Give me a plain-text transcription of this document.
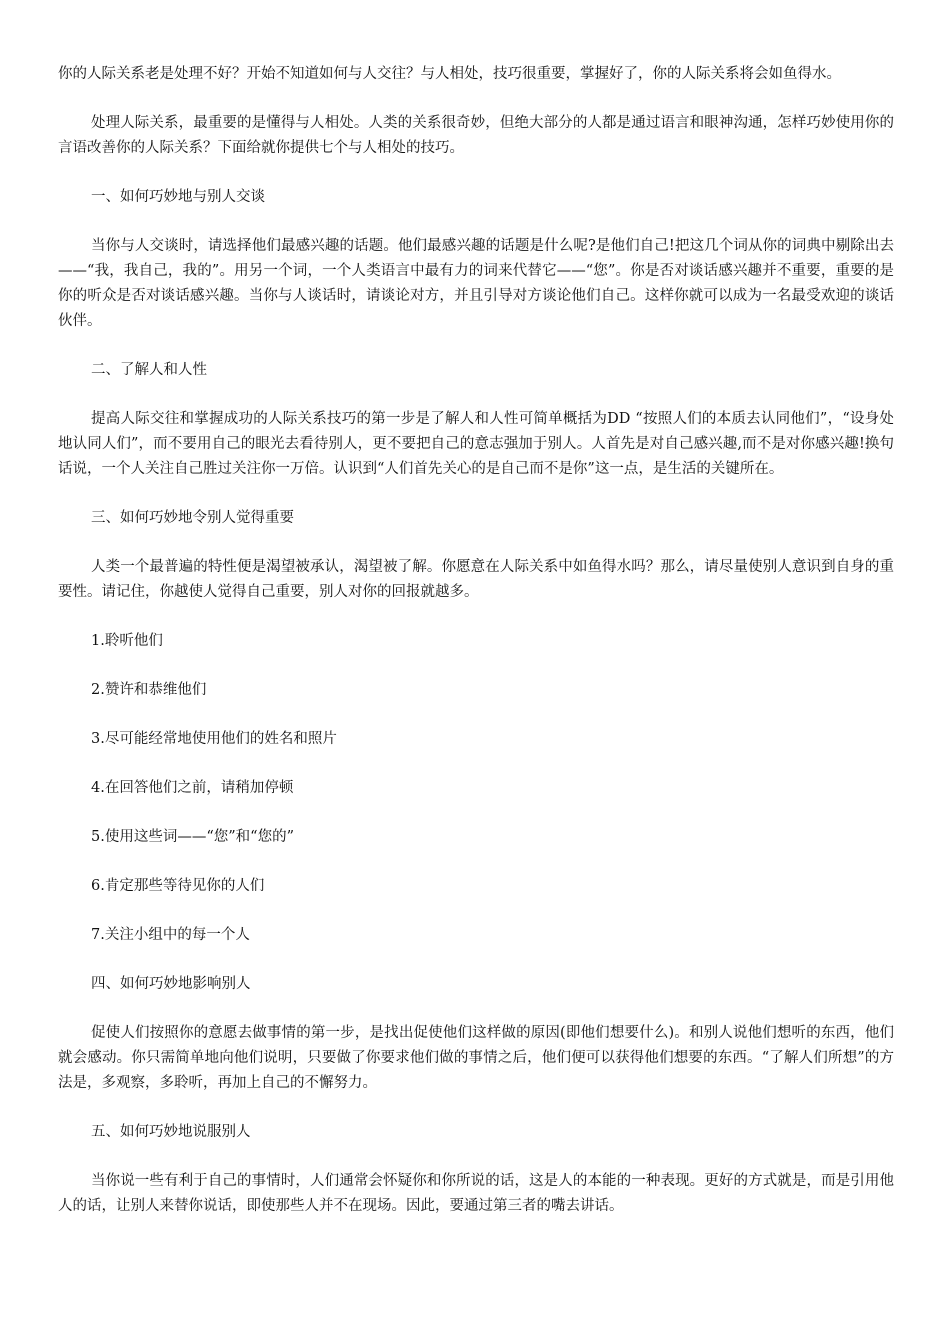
你的人际关系老是处理不好？开始不知道如何与人交往？与人相处，技巧很重要，掌握好了，你的人际关系将会如鱼得水。

处理人际关系，最重要的是懂得与人相处。人类的关系很奇妙，但绝大部分的人都是通过语言和眼神沟通，怎样巧妙使用你的言语改善你的人际关系？下面给就你提供七个与人相处的技巧。

一、如何巧妙地与别人交谈

当你与人交谈时，请选择他们最感兴趣的话题。他们最感兴趣的话题是什么呢?是他们自己!把这几个词从你的词典中剔除出去——“我，我自己，我的”。用另一个词，一个人类语言中最有力的词来代替它——“您”。你是否对谈话感兴趣并不重要，重要的是你的听众是否对谈话感兴趣。当你与人谈话时，请谈论对方，并且引导对方谈论他们自己。这样你就可以成为一名最受欢迎的谈话伙伴。

二、了解人和人性

提高人际交往和掌握成功的人际关系技巧的第一步是了解人和人性可简单概括为DD “按照人们的本质去认同他们”，“设身处地认同人们”，而不要用自己的眼光去看待别人，更不要把自己的意志强加于别人。人首先是对自己感兴趣,而不是对你感兴趣!换句话说，一个人关注自己胜过关注你一万倍。认识到“人们首先关心的是自己而不是你”这一点，是生活的关键所在。

三、如何巧妙地令别人觉得重要

人类一个最普遍的特性便是渴望被承认，渴望被了解。你愿意在人际关系中如鱼得水吗？那么，请尽量使别人意识到自身的重要性。请记住，你越使人觉得自己重要，别人对你的回报就越多。

1.聆听他们

2.赞许和恭维他们

3.尽可能经常地使用他们的姓名和照片

4.在回答他们之前，请稍加停顿

5.使用这些词——“您”和“您的”

6.肯定那些等待见你的人们

7.关注小组中的每一个人

四、如何巧妙地影响别人

促使人们按照你的意愿去做事情的第一步，是找出促使他们这样做的原因(即他们想要什么)。和别人说他们想听的东西，他们就会感动。你只需简单地向他们说明，只要做了你要求他们做的事情之后，他们便可以获得他们想要的东西。“了解人们所想”的方法是，多观察，多聆听，再加上自己的不懈努力。

五、如何巧妙地说服别人

当你说一些有利于自己的事情时，人们通常会怀疑你和你所说的话，这是人的本能的一种表现。更好的方式就是，而是引用他人的话，让别人来替你说话，即使那些人并不在现场。因此，要通过第三者的嘴去讲话。
